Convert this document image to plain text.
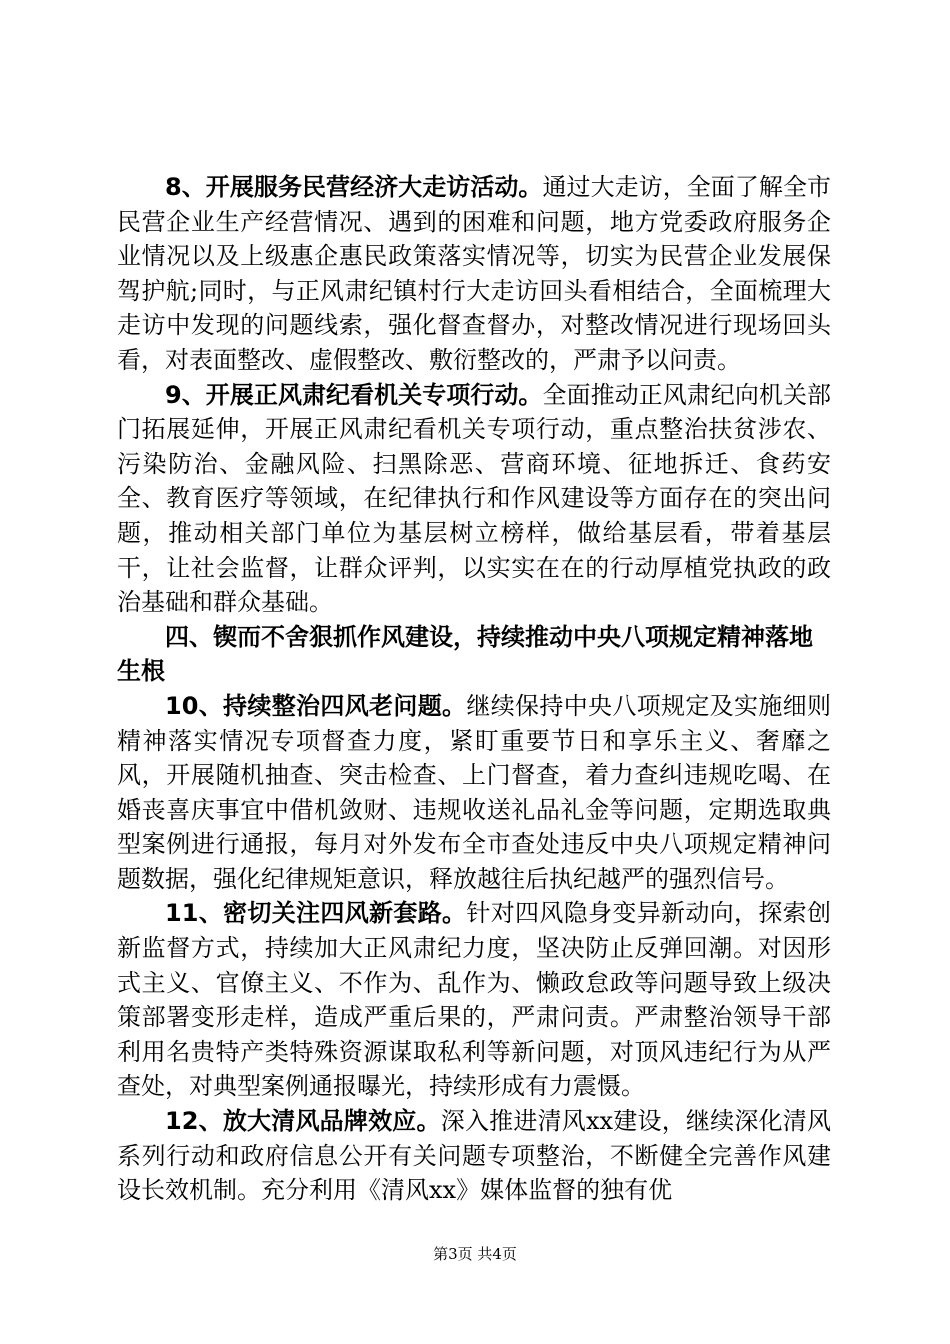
8、开展服务民营经济大走访活动。通过大走访，全面了解全市民营企业生产经营情况、遇到的困难和问题，地方党委政府服务企业情况以及上级惠企惠民政策落实情况等，切实为民营企业发展保驾护航;同时，与正风肃纪镇村行大走访回头看相结合，全面梳理大走访中发现的问题线索，强化督查督办，对整改情况进行现场回头看，对表面整改、虚假整改、敷衍整改的，严肃予以问责。

9、开展正风肃纪看机关专项行动。全面推动正风肃纪向机关部门拓展延伸，开展正风肃纪看机关专项行动，重点整治扶贫涉农、污染防治、金融风险、扫黑除恶、营商环境、征地拆迁、食药安全、教育医疗等领域，在纪律执行和作风建设等方面存在的突出问题，推动相关部门单位为基层树立榜样，做给基层看，带着基层干，让社会监督，让群众评判，以实实在在的行动厚植党执政的政治基础和群众基础。

四、锲而不舍狠抓作风建设，持续推动中央八项规定精神落地生根

10、持续整治四风老问题。继续保持中央八项规定及实施细则精神落实情况专项督查力度，紧盯重要节日和享乐主义、奢靡之风，开展随机抽查、突击检查、上门督查，着力查纠违规吃喝、在婚丧喜庆事宜中借机敛财、违规收送礼品礼金等问题，定期选取典型案例进行通报，每月对外发布全市查处违反中央八项规定精神问题数据，强化纪律规矩意识，释放越往后执纪越严的强烈信号。

11、密切关注四风新套路。针对四风隐身变异新动向，探索创新监督方式，持续加大正风肃纪力度，坚决防止反弹回潮。对因形式主义、官僚主义、不作为、乱作为、懒政怠政等问题导致上级决策部署变形走样，造成严重后果的，严肃问责。严肃整治领导干部利用名贵特产类特殊资源谋取私利等新问题，对顶风违纪行为从严查处，对典型案例通报曝光，持续形成有力震慑。

12、放大清风品牌效应。深入推进清风xx建设，继续深化清风系列行动和政府信息公开有关问题专项整治，不断健全完善作风建设长效机制。充分利用《清风xx》媒体监督的独有优

第3页 共4页
